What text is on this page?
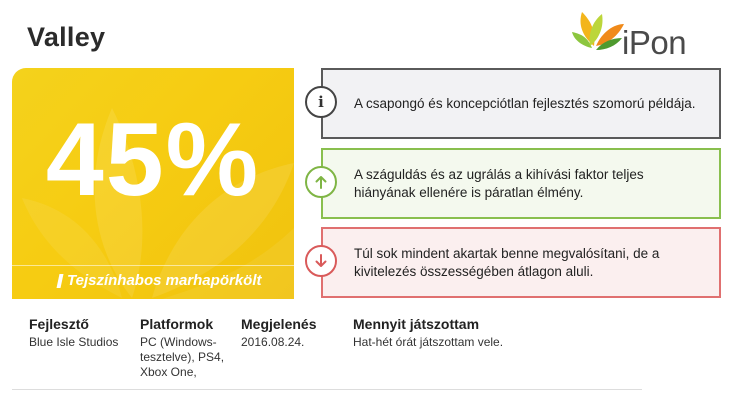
Valley	iPon
45%
Tejszínhabos marhapörkölt
i A csapongó és koncepciótlan fejlesztés szomorú példája.
A száguldás és az ugrálás a kihívási faktor teljes hiányának ellenére is páratlan élmény.
Túl sok mindent akartak benne megvalósítani, de a kivitelezés összességében átlagon aluli.
Fejlesztő
Blue Isle Studios
Platformok
PC (Windows-
tesztelve), PS4,
Xbox One,
Megjelenés
2016.08.24.
Mennyit játszottam
Hat-hét órát játszottam vele.
